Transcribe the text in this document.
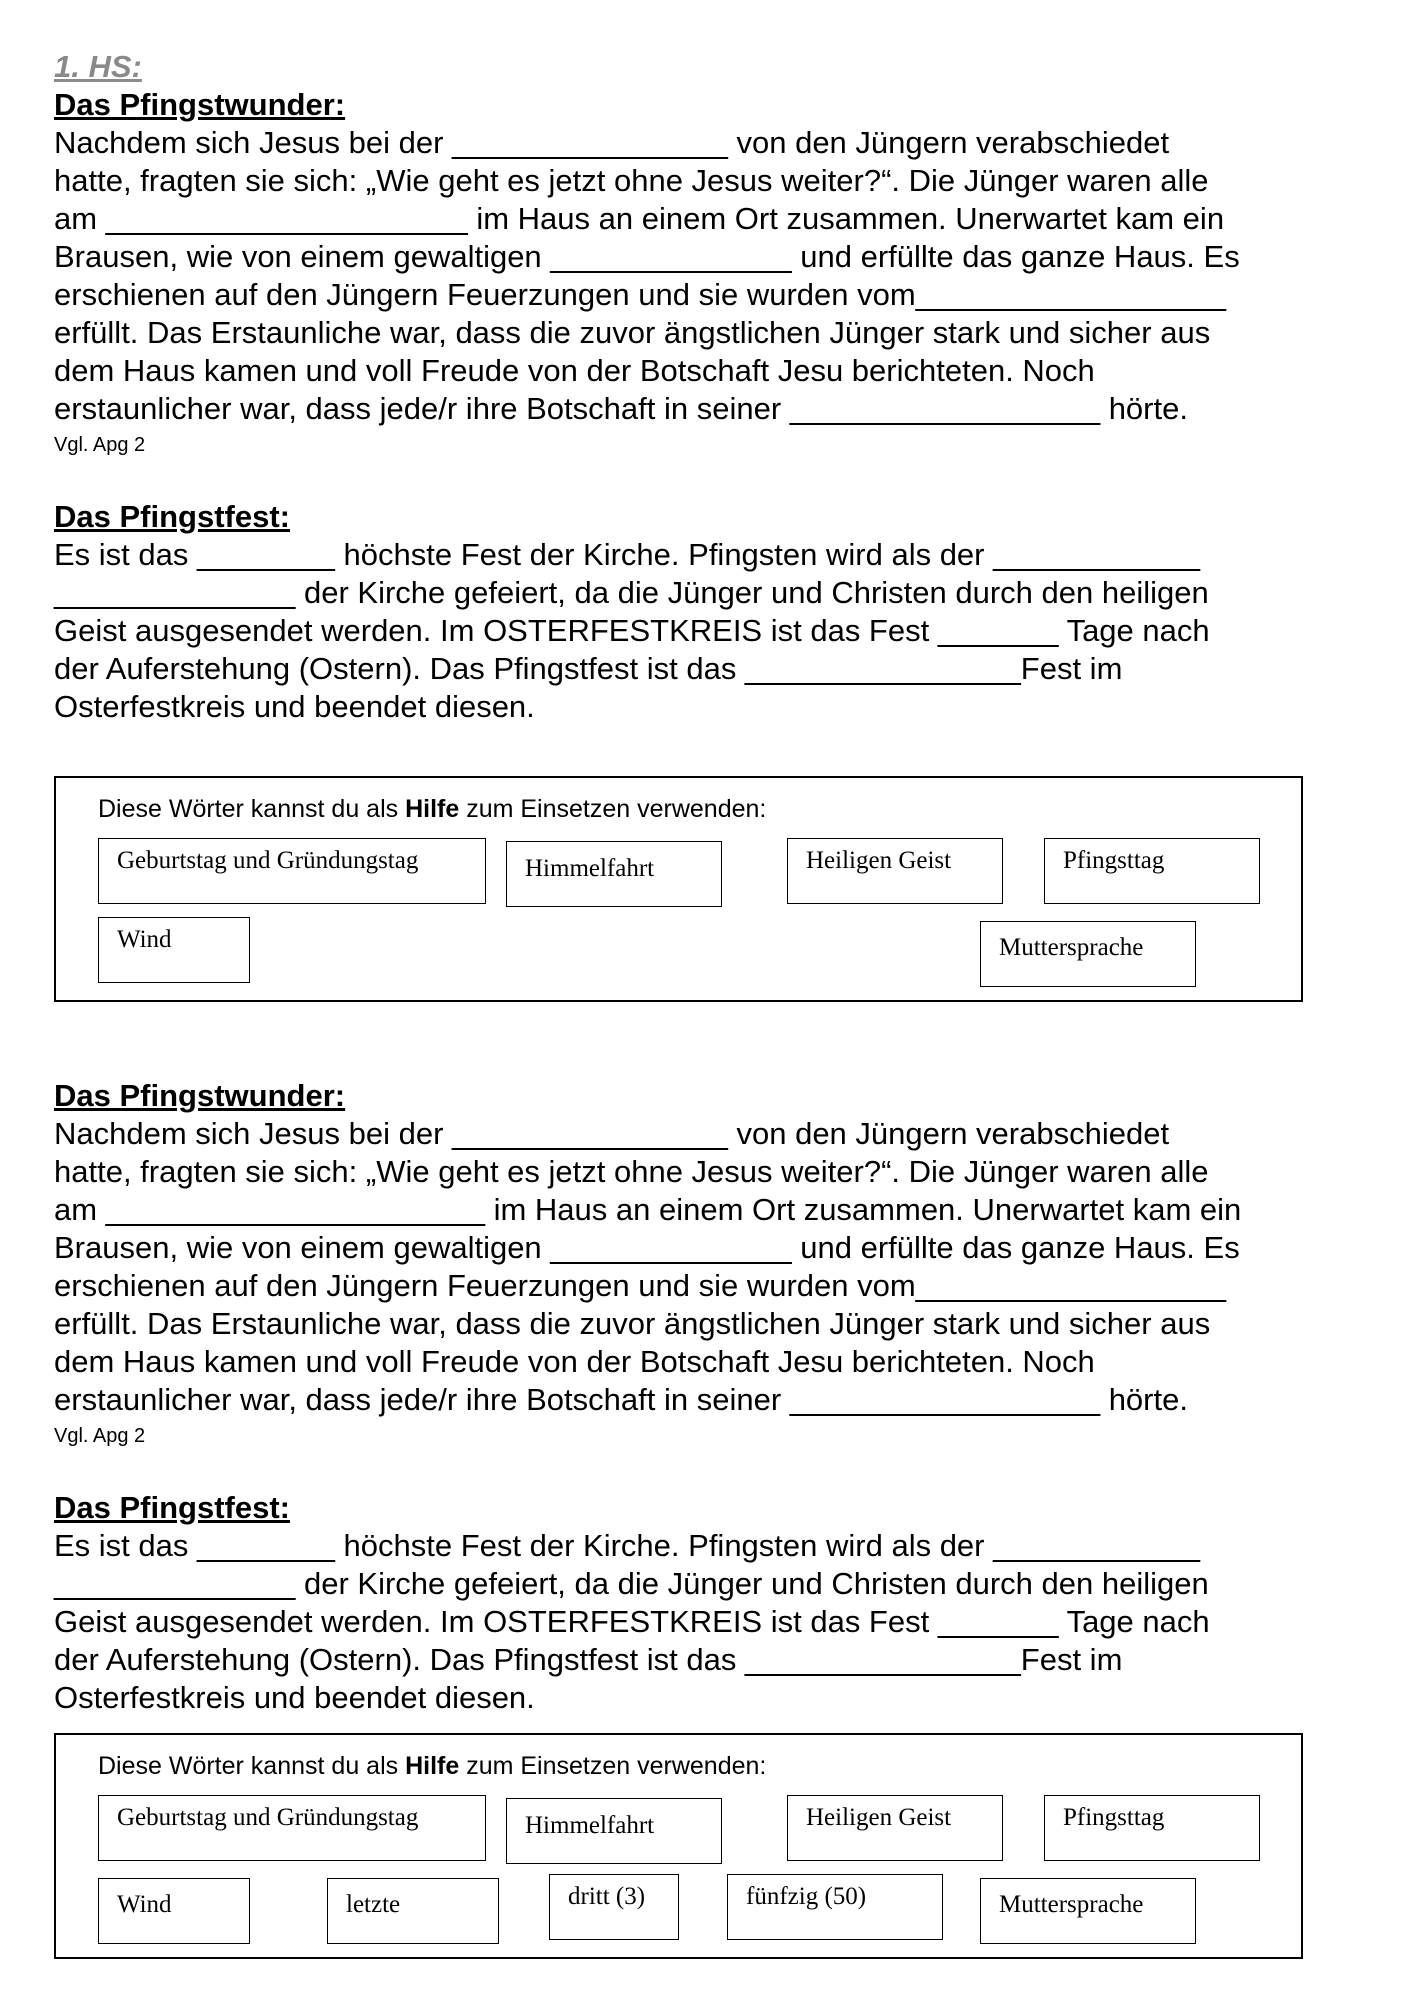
1. HS:
Das Pfingstwunder:
Nachdem sich Jesus bei der ________________ von den Jüngern verabschiedet
hatte, fragten sie sich: „Wie geht es jetzt ohne Jesus weiter?“. Die Jünger waren alle
am _____________________ im Haus an einem Ort zusammen. Unerwartet kam ein
Brausen, wie von einem gewaltigen ______________ und erfüllte das ganze Haus. Es
erschienen auf den Jüngern Feuerzungen und sie wurden vom__________________
erfüllt. Das Erstaunliche war, dass die zuvor ängstlichen Jünger stark und sicher aus
dem Haus kamen und voll Freude von der Botschaft Jesu berichteten. Noch
erstaunlicher war, dass jede/r ihre Botschaft in seiner __________________ hörte.
Vgl. Apg 2
Das Pfingstfest:
Es ist das ________ höchste Fest der Kirche. Pfingsten wird als der ____________
______________ der Kirche gefeiert, da die Jünger und Christen durch den heiligen
Geist ausgesendet werden. Im OSTERFESTKREIS ist das Fest _______ Tage nach
der Auferstehung (Ostern). Das Pfingstfest ist das ________________Fest im
Osterfestkreis und beendet diesen.
Diese Wörter kannst du als Hilfe zum Einsetzen verwenden:
Geburtstag und Gründungstag	Himmelfahrt	Heiligen Geist	Pfingsttag
Wind	Muttersprache
Das Pfingstwunder:
Nachdem sich Jesus bei der ________________ von den Jüngern verabschiedet
hatte, fragten sie sich: „Wie geht es jetzt ohne Jesus weiter?“. Die Jünger waren alle
am ______________________ im Haus an einem Ort zusammen. Unerwartet kam ein
Brausen, wie von einem gewaltigen ______________ und erfüllte das ganze Haus. Es
erschienen auf den Jüngern Feuerzungen und sie wurden vom__________________
erfüllt. Das Erstaunliche war, dass die zuvor ängstlichen Jünger stark und sicher aus
dem Haus kamen und voll Freude von der Botschaft Jesu berichteten. Noch
erstaunlicher war, dass jede/r ihre Botschaft in seiner __________________ hörte.
Vgl. Apg 2
Das Pfingstfest:
Es ist das ________ höchste Fest der Kirche. Pfingsten wird als der ____________
______________ der Kirche gefeiert, da die Jünger und Christen durch den heiligen
Geist ausgesendet werden. Im OSTERFESTKREIS ist das Fest _______ Tage nach
der Auferstehung (Ostern). Das Pfingstfest ist das ________________Fest im
Osterfestkreis und beendet diesen.
Diese Wörter kannst du als Hilfe zum Einsetzen verwenden:
Geburtstag und Gründungstag	Himmelfahrt	Heiligen Geist	Pfingsttag
Wind	letzte	dritt (3)	fünfzig (50)	Muttersprache
